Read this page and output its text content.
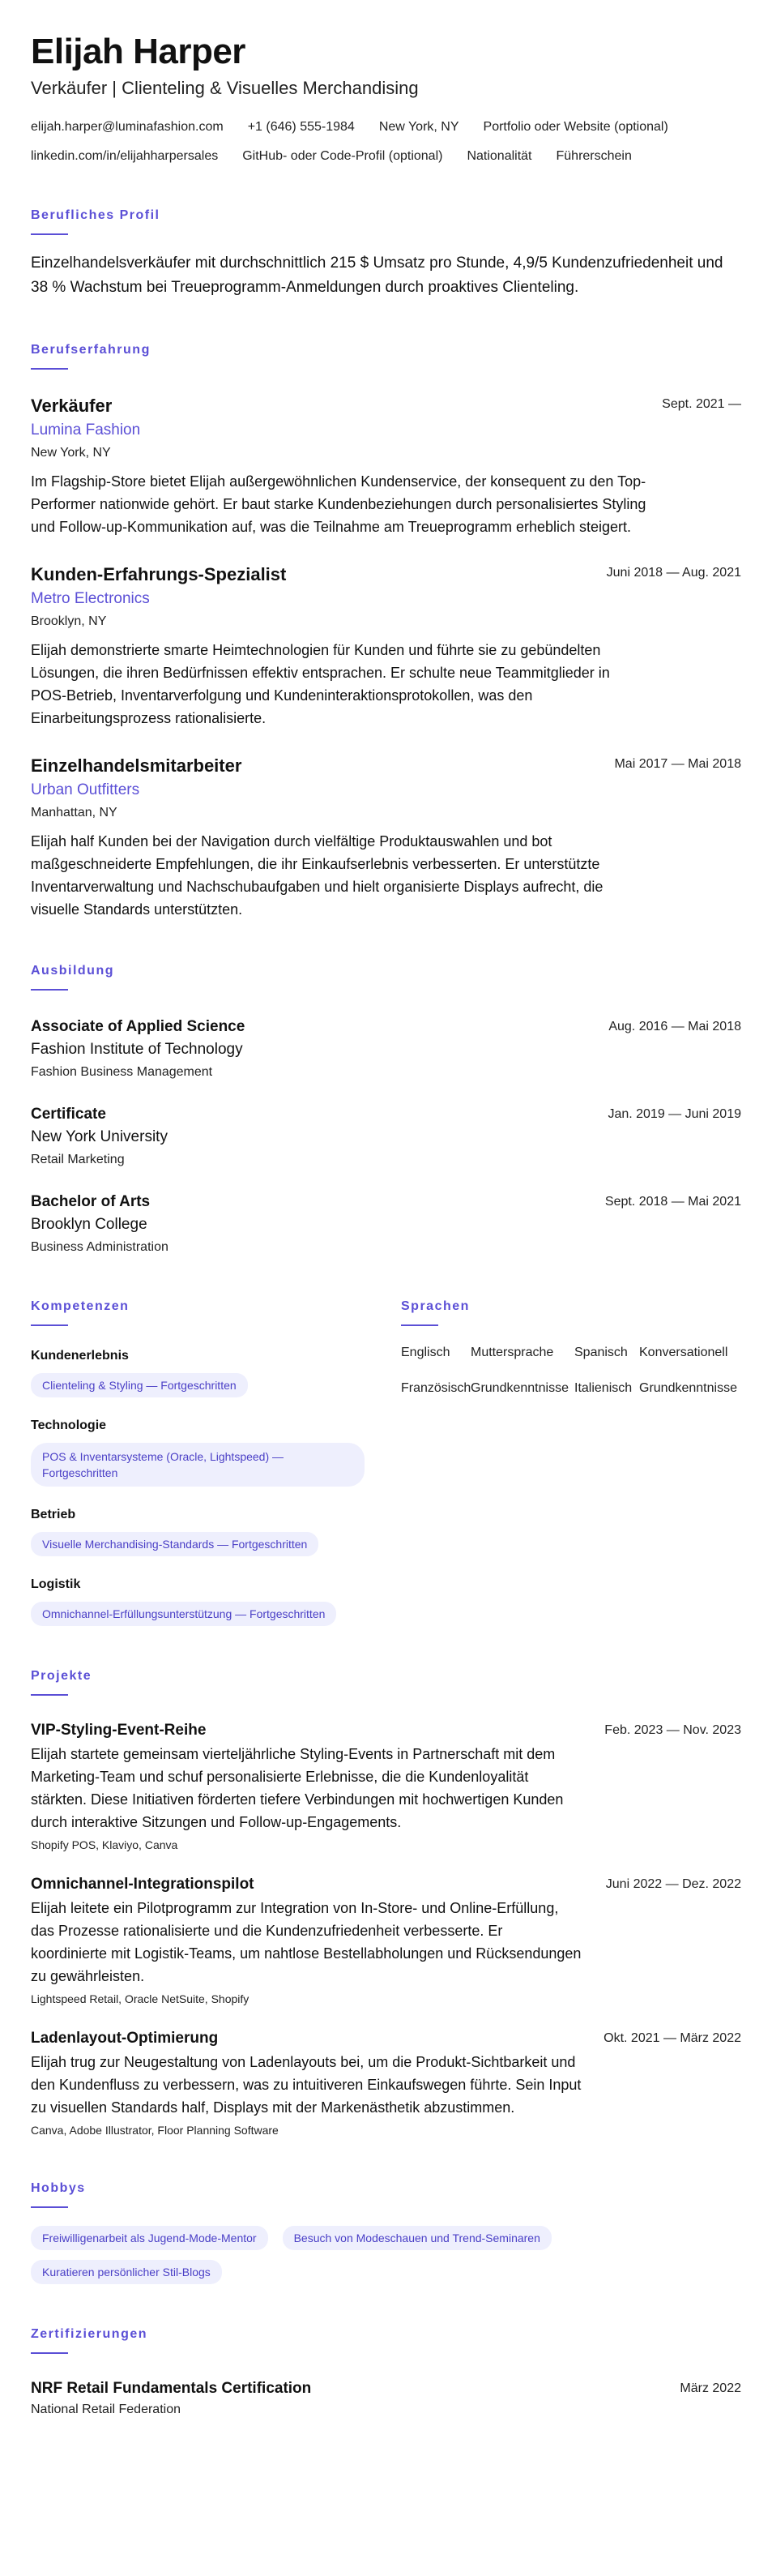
Elijah Harper
Verkäufer | Clienteling & Visuelles Merchandising
elijah.harper@luminafashion.com +1 (646) 555-1984 New York, NY Portfolio oder Website (optional)
linkedin.com/in/elijahharpersales GitHub- oder Code-Profil (optional) Nationalität Führerschein
Berufliches Profil

Einzelhandelsverkäufer mit durchschnittlich 215 $ Umsatz pro Stunde, 4,9/5 Kundenzufriedenheit und 38 % Wachstum bei Treueprogramm-Anmeldungen durch proaktives Clienteling.

Berufserfahrung
Verkäufer
Lumina Fashion
New York, NY

Im Flagship-Store bietet Elijah außergewöhnlichen Kundenservice, der konsequent zu den Top-Performer nationwide gehört. Er baut starke Kundenbeziehungen durch personalisiertes Styling und Follow-up-Kommunikation auf, was die Teilnahme am Treueprogramm erheblich steigert.

Sept. 2021 —
Kunden-Erfahrungs-Spezialist
Metro Electronics
Brooklyn, NY

Elijah demonstrierte smarte Heimtechnologien für Kunden und führte sie zu gebündelten Lösungen, die ihren Bedürfnissen effektiv entsprachen. Er schulte neue Teammitglieder in POS-Betrieb, Inventarverfolgung und Kundeninteraktionsprotokollen, was den Einarbeitungsprozess rationalisierte.

Juni 2018 — Aug. 2021
Einzelhandelsmitarbeiter
Urban Outfitters
Manhattan, NY

Elijah half Kunden bei der Navigation durch vielfältige Produktauswahlen und bot maßgeschneiderte Empfehlungen, die ihr Einkaufserlebnis verbesserten. Er unterstützte Inventarverwaltung und Nachschubaufgaben und hielt organisierte Displays aufrecht, die visuelle Standards unterstützten.

Mai 2017 — Mai 2018
Ausbildung
Associate of Applied Science
Fashion Institute of Technology
Fashion Business Management
Aug. 2016 — Mai 2018
Certificate
New York University
Retail Marketing
Jan. 2019 — Juni 2019
Bachelor of Arts
Brooklyn College
Business Administration
Sept. 2018 — Mai 2021
Kompetenzen
Kundenerlebnis
Clienteling & Styling — Fortgeschritten
Technologie
POS & Inventarsysteme (Oracle, Lightspeed) — Fortgeschritten
Betrieb
Visuelle Merchandising-Standards — Fortgeschritten
Logistik
Omnichannel-Erfüllungsunterstützung — Fortgeschritten
Sprachen
Englisch	Muttersprache	Spanisch Konversationell
Französisch Grundkenntnisse Italienisch Grundkenntnisse
Projekte
VIP-Styling-Event-Reihe

Elijah startete gemeinsam vierteljährliche Styling-Events in Partnerschaft mit dem Marketing-Team und schuf personalisierte Erlebnisse, die die Kundenloyalität stärkten. Diese Initiativen förderten tiefere Verbindungen mit hochwertigen Kunden durch interaktive Sitzungen und Follow-up-Engagements.

Shopify POS, Klaviyo, Canva
Feb. 2023 — Nov. 2023
Omnichannel-Integrationspilot

Elijah leitete ein Pilotprogramm zur Integration von In-Store- und Online-Erfüllung, das Prozesse rationalisierte und die Kundenzufriedenheit verbesserte. Er koordinierte mit Logistik-Teams, um nahtlose Bestellabholungen und Rücksendungen zu gewährleisten.

Lightspeed Retail, Oracle NetSuite, Shopify
Juni 2022 — Dez. 2022
Ladenlayout-Optimierung

Elijah trug zur Neugestaltung von Ladenlayouts bei, um die Produkt-Sichtbarkeit und den Kundenfluss zu verbessern, was zu intuitiveren Einkaufswegen führte. Sein Input zu visuellen Standards half, Displays mit der Markenästhetik abzustimmen.

Canva, Adobe Illustrator, Floor Planning Software
Okt. 2021 — März 2022
Hobbys
Freiwilligenarbeit als Jugend-Mode-Mentor	Besuch von Modeschauen und Trend-Seminaren
Kuratieren persönlicher Stil-Blogs
Zertifizierungen
NRF Retail Fundamentals Certification
National Retail Federation
März 2022
